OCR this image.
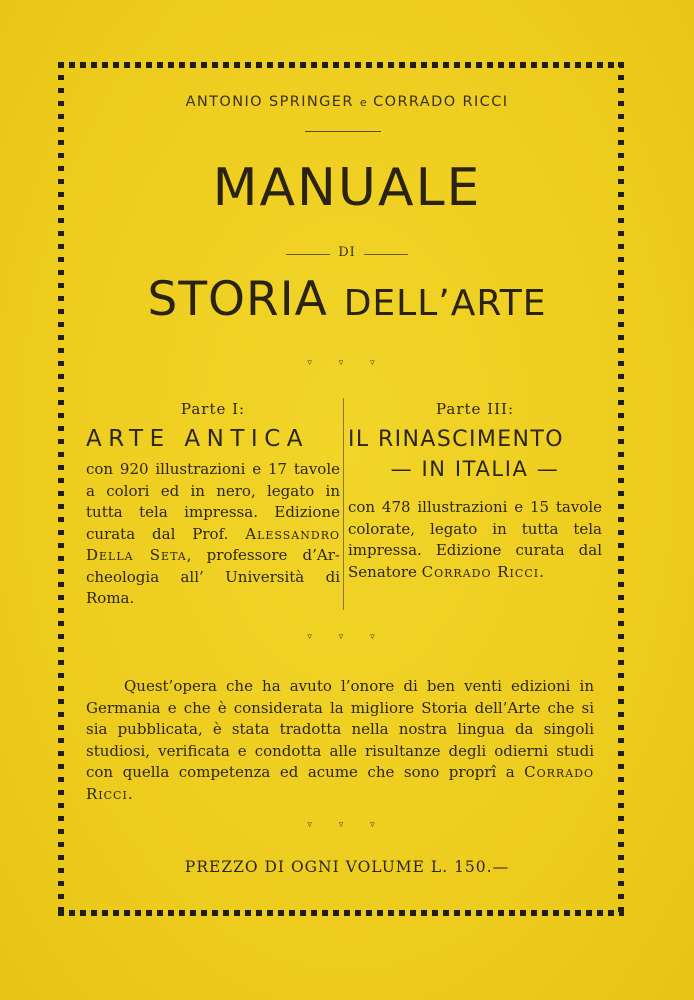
ANTONIO SPRINGER e CORRADO RICCI
MANUALE
DI
STORIA DELL’ARTE
▿ ▿ ▿
Parte I:
ARTE ANTICA
con 920 illustrazioni e 17 tavole a colori ed in nero, legato in tutta tela impressa. Edizione curata dal Prof. Alessandro Della Seta, professore d’Archeologia all’ Università di Roma.
Parte III:
IL RINASCIMENTO
— IN ITALIA —
con 478 illustrazioni e 15 tavole colorate, legato in tutta tela impressa. Edizione curata dal Senatore Corrado Ricci.
▿ ▿ ▿
Quest’opera che ha avuto l’onore di ben venti edizioni in Germania e che è considerata la migliore Storia dell’Arte che si sia pubblicata, è stata tradotta nella nostra lingua da singoli studiosi, verificata e condotta alle risultanze degli odierni studi con quella competenza ed acume che sono proprî a Corrado Ricci.
▿ ▿ ▿
PREZZO DI OGNI VOLUME L. 150.—
